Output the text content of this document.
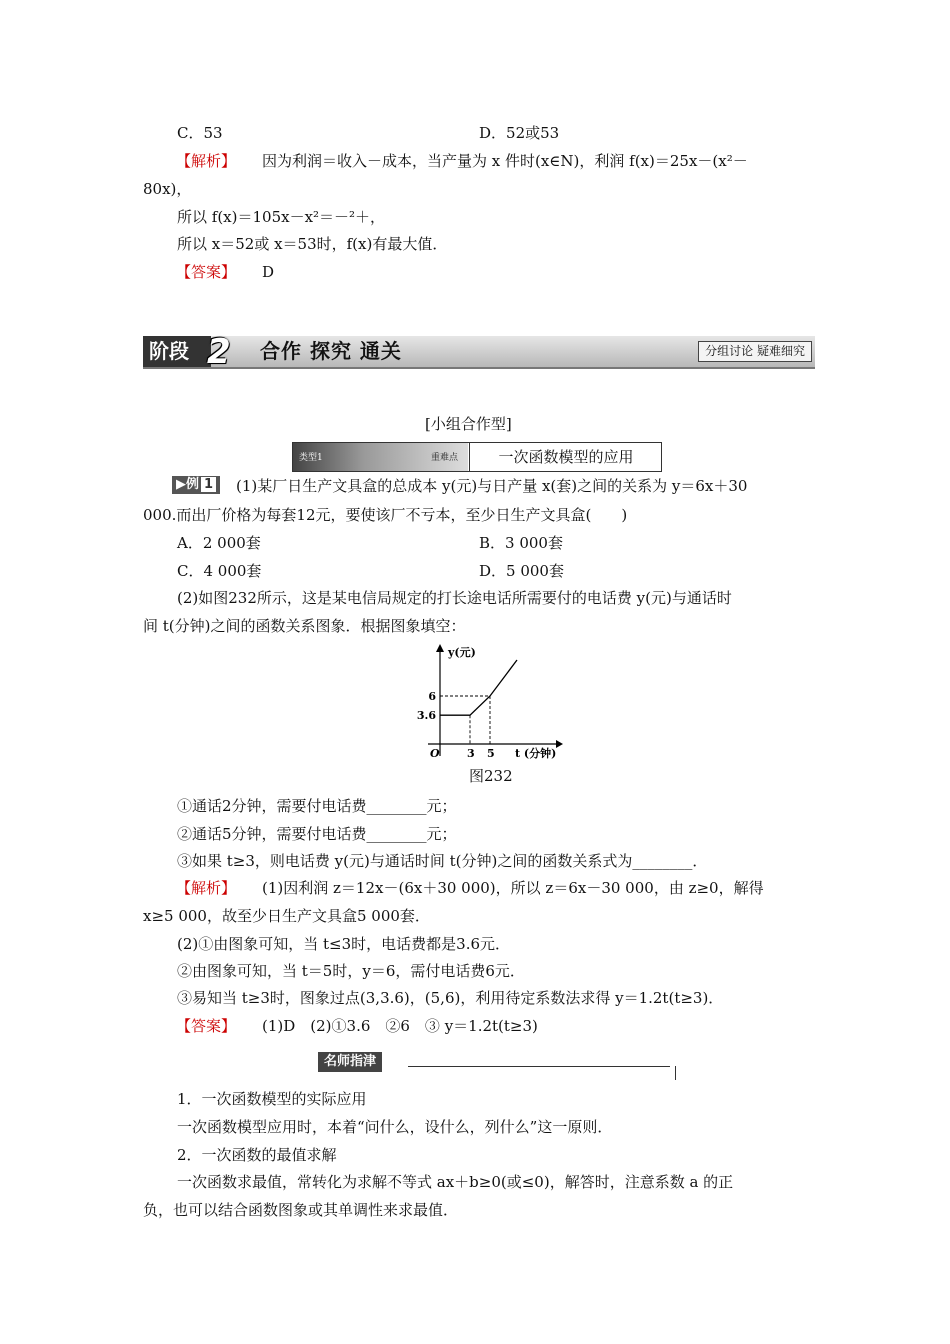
C．53	D．52或53
【解析】 因为利润＝收入－成本，当产量为 x 件时(x∈N)，利润 f(x)＝25x－(x²－
80x)，
所以 f(x)＝105x－x²＝－²＋，
所以 x＝52或 x＝53时，f(x)有最大值．
【答案】 D
阶段 2 合作 探究 通关	分组讨论 疑难细究
[小组合作型]
类型1	重难点	一次函数模型的应用
▶例 1	(1)某厂日生产文具盒的总成本 y(元)与日产量 x(套)之间的关系为 y＝6x＋30
000.而出厂价格为每套12元，要使该厂不亏本，至少日生产文具盒(　　)
A．2 000套	B．3 000套
C．4 000套	D．5 000套
(2)如图232所示，这是某电信局规定的打长途电话所需要付的电话费 y(元)与通话时
间 t(分钟)之间的函数关系图象．根据图象填空：
y(元)
O	t (分钟)
3 5
3.6
6
图232
①通话2分钟，需要付电话费________元；
②通话5分钟，需要付电话费________元；
③如果 t≥3，则电话费 y(元)与通话时间 t(分钟)之间的函数关系式为________．
【解析】 (1)因利润 z＝12x－(6x＋30 000)，所以 z＝6x－30 000，由 z≥0，解得
x≥5 000，故至少日生产文具盒5 000套．
(2)①由图象可知，当 t≤3时，电话费都是3.6元．
②由图象可知，当 t＝5时，y＝6，需付电话费6元．
③易知当 t≥3时，图象过点(3,3.6)，(5,6)，利用待定系数法求得 y＝1.2t(t≥3)．
【答案】 (1)D　(2)①3.6　②6　③ y＝1.2t(t≥3)
名师指津
1．一次函数模型的实际应用
一次函数模型应用时，本着“问什么，设什么，列什么”这一原则．
2．一次函数的最值求解
一次函数求最值，常转化为求解不等式 ax＋b≥0(或≤0)，解答时，注意系数 a 的正
负，也可以结合函数图象或其单调性来求最值．
